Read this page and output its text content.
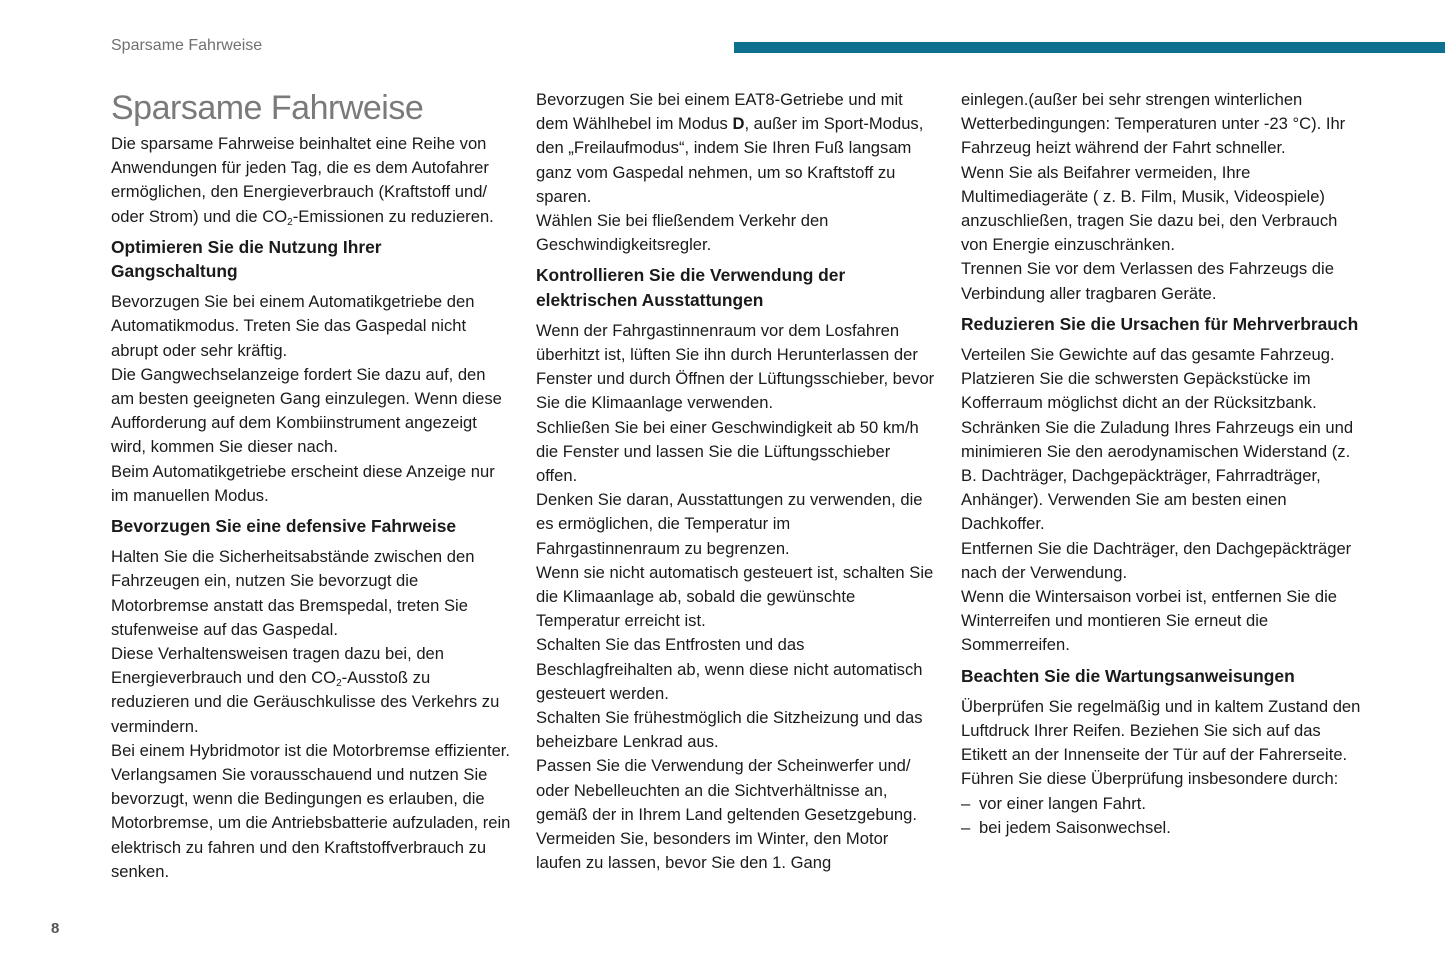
Sparsame Fahrweise
Sparsame Fahrweise

Die sparsame Fahrweise beinhaltet eine Reihe von Anwendungen für jeden Tag, die es dem Autofahrer ermöglichen, den Energieverbrauch (Kraftstoff und/ oder Strom) und die $CO_2$-Emissionen zu reduzieren.

Optimieren Sie die Nutzung Ihrer Gangschaltung

Bevorzugen Sie bei einem Automatikgetriebe den Automatikmodus. Treten Sie das Gaspedal nicht abrupt oder sehr kräftig.

Die Gangwechselanzeige fordert Sie dazu auf, den am besten geeigneten Gang einzulegen. Wenn diese Aufforderung auf dem Kombiinstrument angezeigt wird, kommen Sie dieser nach.

Beim Automatikgetriebe erscheint diese Anzeige nur im manuellen Modus.

Bevorzugen Sie eine defensive Fahrweise

Halten Sie die Sicherheitsabstände zwischen den Fahrzeugen ein, nutzen Sie bevorzugt die Motorbremse anstatt das Bremspedal, treten Sie stufenweise auf das Gaspedal.

Diese Verhaltensweisen tragen dazu bei, den Energieverbrauch und den $CO_2$-Ausstoß zu reduzieren und die Geräuschkulisse des Verkehrs zu vermindern.

Bei einem Hybridmotor ist die Motorbremse effizienter. Verlangsamen Sie vorausschauend und nutzen Sie bevorzugt, wenn die Bedingungen es erlauben, die Motorbremse, um die Antriebsbatterie aufzuladen, rein elektrisch zu fahren und den Kraftstoffverbrauch zu senken.

Bevorzugen Sie bei einem EAT8-Getriebe und mit dem Wählhebel im Modus D, außer im Sport-Modus, den „Freilaufmodus“, indem Sie Ihren Fuß langsam ganz vom Gaspedal nehmen, um so Kraftstoff zu sparen.

Wählen Sie bei fließendem Verkehr den Geschwindigkeitsregler.

Kontrollieren Sie die Verwendung der elektrischen Ausstattungen

Wenn der Fahrgastinnenraum vor dem Losfahren überhitzt ist, lüften Sie ihn durch Herunterlassen der Fenster und durch Öffnen der Lüftungsschieber, bevor Sie die Klimaanlage verwenden.

Schließen Sie bei einer Geschwindigkeit ab 50 km/h die Fenster und lassen Sie die Lüftungsschieber offen.

Denken Sie daran, Ausstattungen zu verwenden, die es ermöglichen, die Temperatur im Fahrgastinnenraum zu begrenzen.

Wenn sie nicht automatisch gesteuert ist, schalten Sie die Klimaanlage ab, sobald die gewünschte Temperatur erreicht ist.

Schalten Sie das Entfrosten und das Beschlagfreihalten ab, wenn diese nicht automatisch gesteuert werden.

Schalten Sie frühestmöglich die Sitzheizung und das beheizbare Lenkrad aus.

Passen Sie die Verwendung der Scheinwerfer und/ oder Nebelleuchten an die Sichtverhältnisse an, gemäß der in Ihrem Land geltenden Gesetzgebung.

Vermeiden Sie, besonders im Winter, den Motor laufen zu lassen, bevor Sie den 1. Gang

einlegen.(außer bei sehr strengen winterlichen Wetterbedingungen: Temperaturen unter -23 °C). Ihr Fahrzeug heizt während der Fahrt schneller.

Wenn Sie als Beifahrer vermeiden, Ihre Multimediageräte ( z. B. Film, Musik, Videospiele) anzuschließen, tragen Sie dazu bei, den Verbrauch von Energie einzuschränken.

Trennen Sie vor dem Verlassen des Fahrzeugs die Verbindung aller tragbaren Geräte.

Reduzieren Sie die Ursachen für Mehrverbrauch

Verteilen Sie Gewichte auf das gesamte Fahrzeug. Platzieren Sie die schwersten Gepäckstücke im Kofferraum möglichst dicht an der Rücksitzbank.

Schränken Sie die Zuladung Ihres Fahrzeugs ein und minimieren Sie den aerodynamischen Widerstand (z. B. Dachträger, Dachgepäckträger, Fahrradträger, Anhänger). Verwenden Sie am besten einen Dachkoffer.

Entfernen Sie die Dachträger, den Dachgepäckträger nach der Verwendung.

Wenn die Wintersaison vorbei ist, entfernen Sie die Winterreifen und montieren Sie erneut die Sommerreifen.

Beachten Sie die Wartungsanweisungen

Überprüfen Sie regelmäßig und in kaltem Zustand den Luftdruck Ihrer Reifen. Beziehen Sie sich auf das Etikett an der Innenseite der Tür auf der Fahrerseite.

Führen Sie diese Überprüfung insbesondere durch:

– vor einer langen Fahrt.
– bei jedem Saisonwechsel.
8
